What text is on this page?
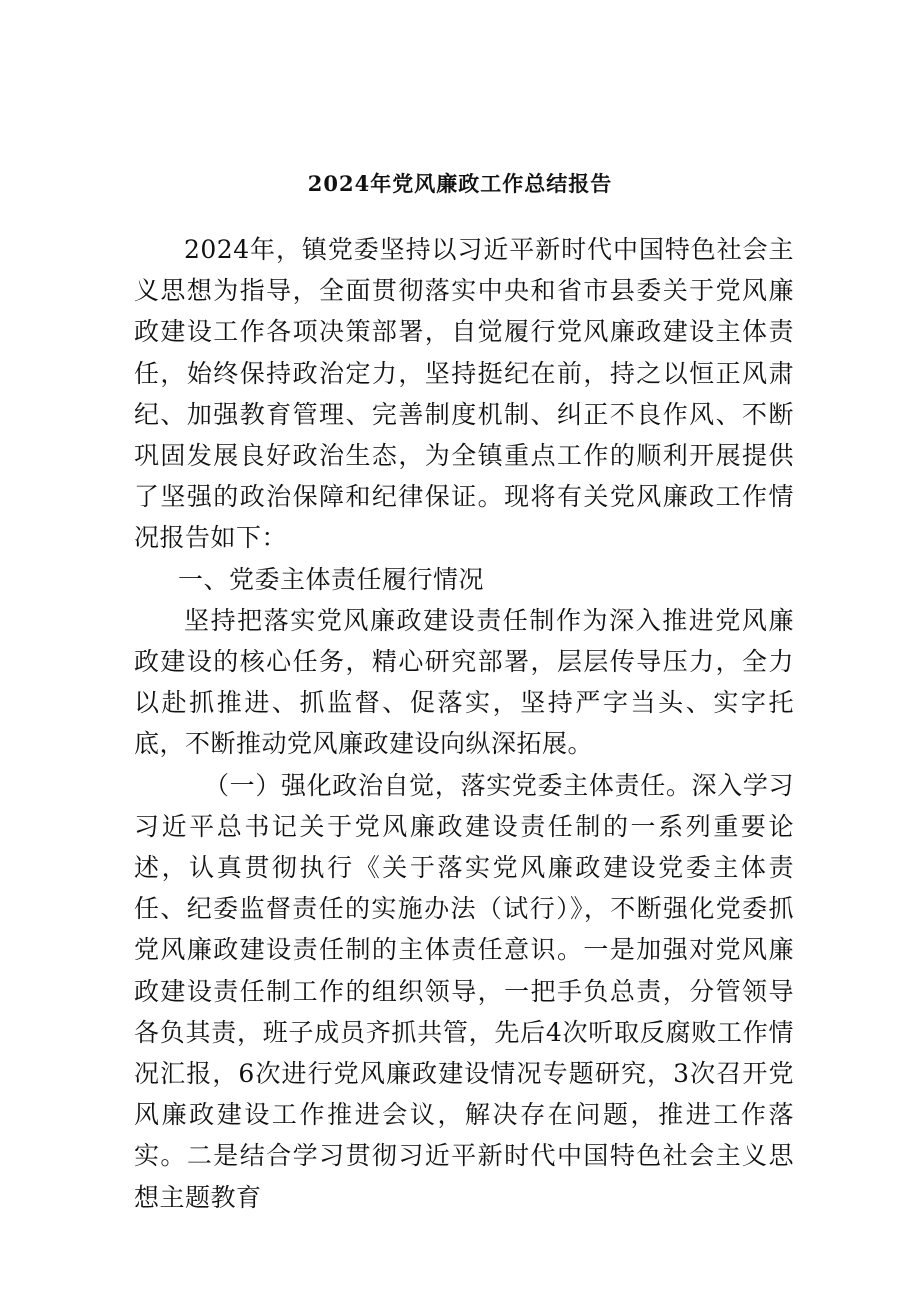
2024年党风廉政工作总结报告

2024年，镇党委坚持以习近平新时代中国特色社会主义思想为指导，全面贯彻落实中央和省市县委关于党风廉政建设工作各项决策部署，自觉履行党风廉政建设主体责任，始终保持政治定力，坚持挺纪在前，持之以恒正风肃纪、加强教育管理、完善制度机制、纠正不良作风、不断巩固发展良好政治生态，为全镇重点工作的顺利开展提供了坚强的政治保障和纪律保证。现将有关党风廉政工作情况报告如下：

一、党委主体责任履行情况

坚持把落实党风廉政建设责任制作为深入推进党风廉政建设的核心任务，精心研究部署，层层传导压力，全力以赴抓推进、抓监督、促落实，坚持严字当头、实字托底，不断推动党风廉政建设向纵深拓展。

（一）强化政治自觉，落实党委主体责任。深入学习习近平总书记关于党风廉政建设责任制的一系列重要论述，认真贯彻执行《关于落实党风廉政建设党委主体责任、纪委监督责任的实施办法（试行）》，不断强化党委抓党风廉政建设责任制的主体责任意识。一是加强对党风廉政建设责任制工作的组织领导，一把手负总责，分管领导各负其责，班子成员齐抓共管，先后4次听取反腐败工作情况汇报，6次进行党风廉政建设情况专题研究，3次召开党风廉政建设工作推进会议，解决存在问题，推进工作落实。二是结合学习贯彻习近平新时代中国特色社会主义思想主题教育
